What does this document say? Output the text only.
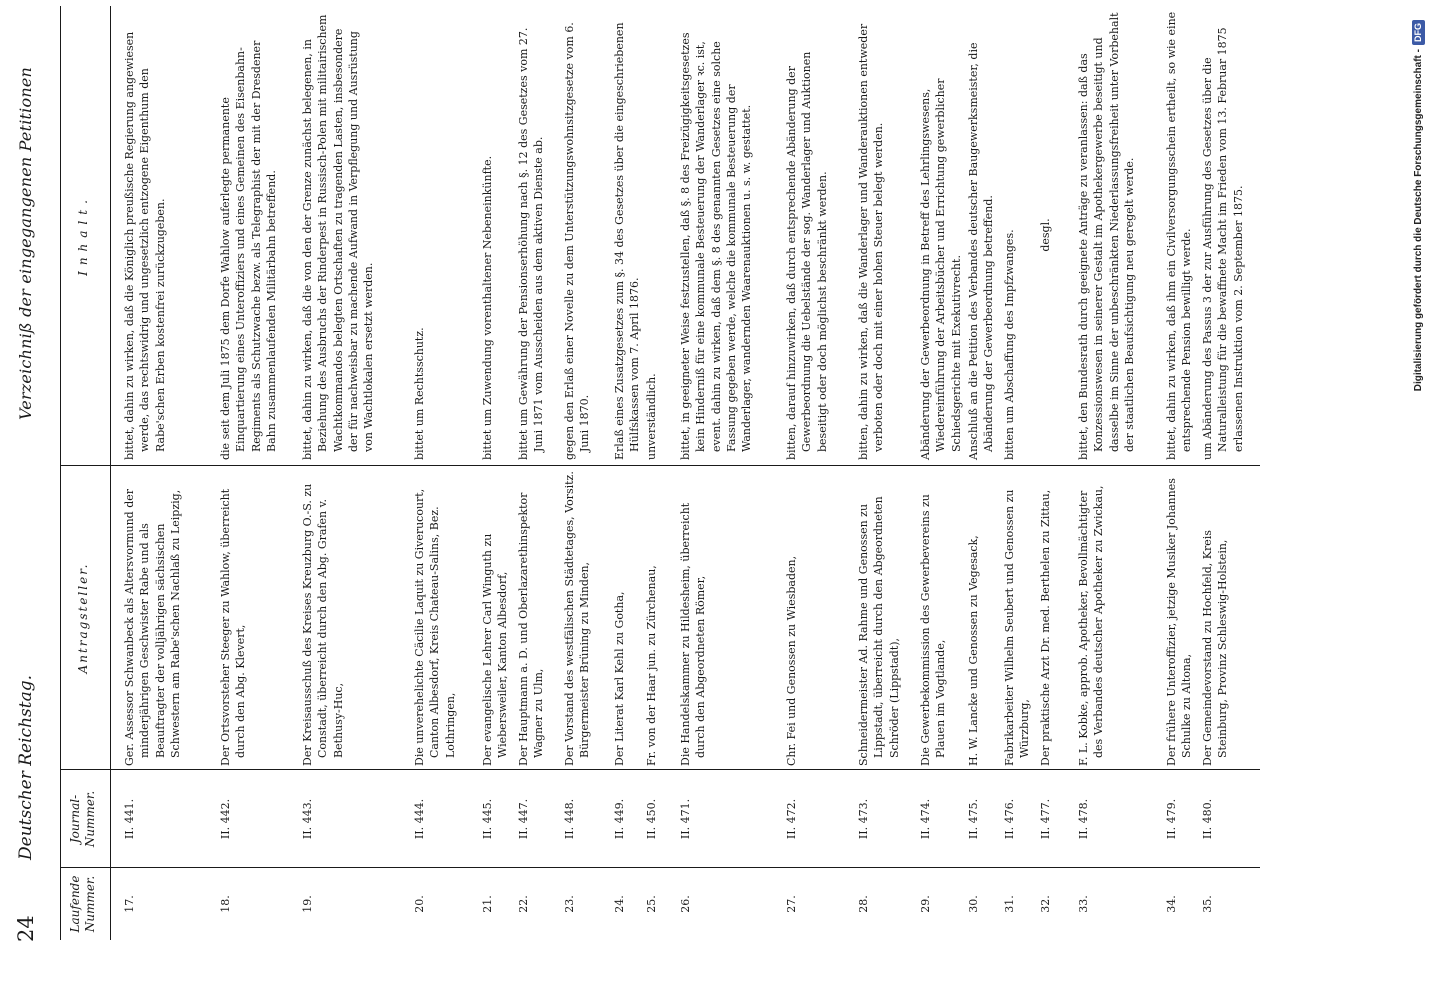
24
Deutscher Reichstag.
Verzeichniß der eingegangenen Petitionen
Laufende Nummer.
Journal-Nummer.
Antragsteller.
Inhalt.
17.
II. 441.
Ger. Assessor Schwanbeck als Altersvormund der minderjährigen Geschwister Rabe und als Beauftragter der volljährigen sächsischen Schwestern am Rabe'schen Nachlaß zu Leipzig,
bittet, dahin zu wirken, daß die Königlich preußische Regierung angewiesen werde, das rechtswidrig und ungesetzlich entzogene Eigenthum den Rabe'schen Erben kostenfrei zurückzugeben.
18.
II. 442.
Der Ortsvorsteher Steeger zu Wahlow, überreicht durch den Abg. Klevert,
die seit dem Juli 1875 dem Dorfe Wahlow auferlegte permanente Einquartierung eines Unteroffiziers und eines Gemeinen des Eisenbahn-Regiments als Schutzwache bezw. als Telegraphist der mit der Dresdener Bahn zusammenlaufenden Militärbahn betreffend.
19.
II. 443.
Der Kreisausschuß des Kreises Kreuzburg O.-S. zu Constadt, überreicht durch den Abg. Grafen v. Bethusy-Huc,
bittet, dahin zu wirken, daß die von den der Grenze zunächst belegenen, in Beziehung des Ausbruchs der Rinderpest in Russisch-Polen mit militairischem Wachtkommandos belegten Ortschaften zu tragenden Lasten, insbesondere der für nachweisbar zu machende Aufwand in Verpflegung und Ausrüstung von Wachtlokalen ersetzt werden.
20.
II. 444.
Die unverehelichte Cäcilie Laquit zu Giverucourt, Canton Albesdorf, Kreis Chateau-Salins, Bez. Lothringen,
bittet um Rechtsschutz.
21.
II. 445.
Der evangelische Lehrer Carl Winguth zu Wiebersweiler, Kanton Albesdorf,
bittet um Zuwendung vorenthaltener Nebeneinkünfte.
22.
II. 447.
Der Hauptmann a. D. und Oberlazarethinspektor Wagner zu Ulm,
bittet um Gewährung der Pensionserhöhung nach §. 12 des Gesetzes vom 27. Juni 1871 vom Ausscheiden aus dem aktiven Dienste ab.
23.
II. 448.
Der Vorstand des westfälischen Städtetages, Vorsitz. Bürgermeister Brüning zu Minden,
gegen den Erlaß einer Novelle zu dem Unterstützungswohnsitzgesetze vom 6. Juni 1870.
24.
II. 449.
Der Literat Karl Kehl zu Gotha,
Erlaß eines Zusatzgesetzes zum §. 34 des Gesetzes über die eingeschriebenen Hülfskassen vom 7. April 1876.
25.
II. 450.
Fr. von der Haar jun. zu Zürchenau,
unverständlich.
26.
II. 471.
Die Handelskammer zu Hildesheim, überreicht durch den Abgeordneten Römer,
bittet, in geeigneter Weise festzustellen, daß §. 8 des Freizügigkeitsgesetzes kein Hinderniß für eine kommunale Besteuerung der Wanderlager ꝛc. ist, event. dahin zu wirken, daß dem §. 8 des genannten Gesetzes eine solche Fassung gegeben werde, welche die kommunale Besteuerung der Wanderlager, wandernden Waarenauktionen u. s. w. gestattet.
27.
II. 472.
Chr. Fei und Genossen zu Wiesbaden,
bitten, darauf hinzuwirken, daß durch entsprechende Abänderung der Gewerbeordnung die Uebelstände der sog. Wanderlager und Auktionen beseitigt oder doch möglichst beschränkt werden.
28.
II. 473.
Schneidermeister Ad. Rahme und Genossen zu Lippstadt, überreicht durch den Abgeordneten Schröder (Lippstadt),
bitten, dahin zu wirken, daß die Wanderlager und Wanderauktionen entweder verboten oder doch mit einer hohen Steuer belegt werden.
29.
II. 474.
Die Gewerbekommission des Gewerbevereins zu Plauen im Vogtlande,
Abänderung der Gewerbeordnung in Betreff des Lehrlingswesens, Wiedereinführung der Arbeitsbücher und Errichtung gewerblicher Schiedsgerichte mit Exekutivrecht.
30.
II. 475.
H. W. Lancke und Genossen zu Vegesack,
Anschluß an die Petition des Verbandes deutscher Baugewerksmeister, die Abänderung der Gewerbeordnung betreffend.
31.
II. 476.
Fabrikarbeiter Wilhelm Seubert und Genossen zu Würzburg,
bitten um Abschaffung des Impfzwanges.
32.
II. 477.
Der praktische Arzt Dr. med. Berthelen zu Zittau,
desgl.
33.
II. 478.
F. L. Kobke, approb. Apotheker, Bevollmächtigter des Verbandes deutscher Apotheker zu Zwickau,
bittet, den Bundesrath durch geeignete Anträge zu veranlassen: daß das Konzessionswesen in seinerer Gestalt im Apothekergewerbe beseitigt und dasselbe im Sinne der unbeschränkten Niederlassungsfreiheit unter Vorbehalt der staatlichen Beaufsichtigung neu geregelt werde.
34.
II. 479.
Der frühere Unteroffizier, jetzige Musiker Johannes Schulke zu Altona,
bittet, dahin zu wirken, daß ihm ein Civilversorgungsschein ertheilt, so wie eine entsprechende Pension bewilligt werde.
35.
II. 480.
Der Gemeindevorstand zu Hochfeld, Kreis Steinburg, Provinz Schleswig-Holstein,
um Abänderung des Passus 3 der zur Ausführung des Gesetzes über die Naturalleistung für die bewaffnete Macht im Frieden vom 13. Februar 1875 erlassenen Instruktion vom 2. September 1875.	Digitalisierung gefördert durch die Deutsche Forschungsgemeinschaft -DFG
